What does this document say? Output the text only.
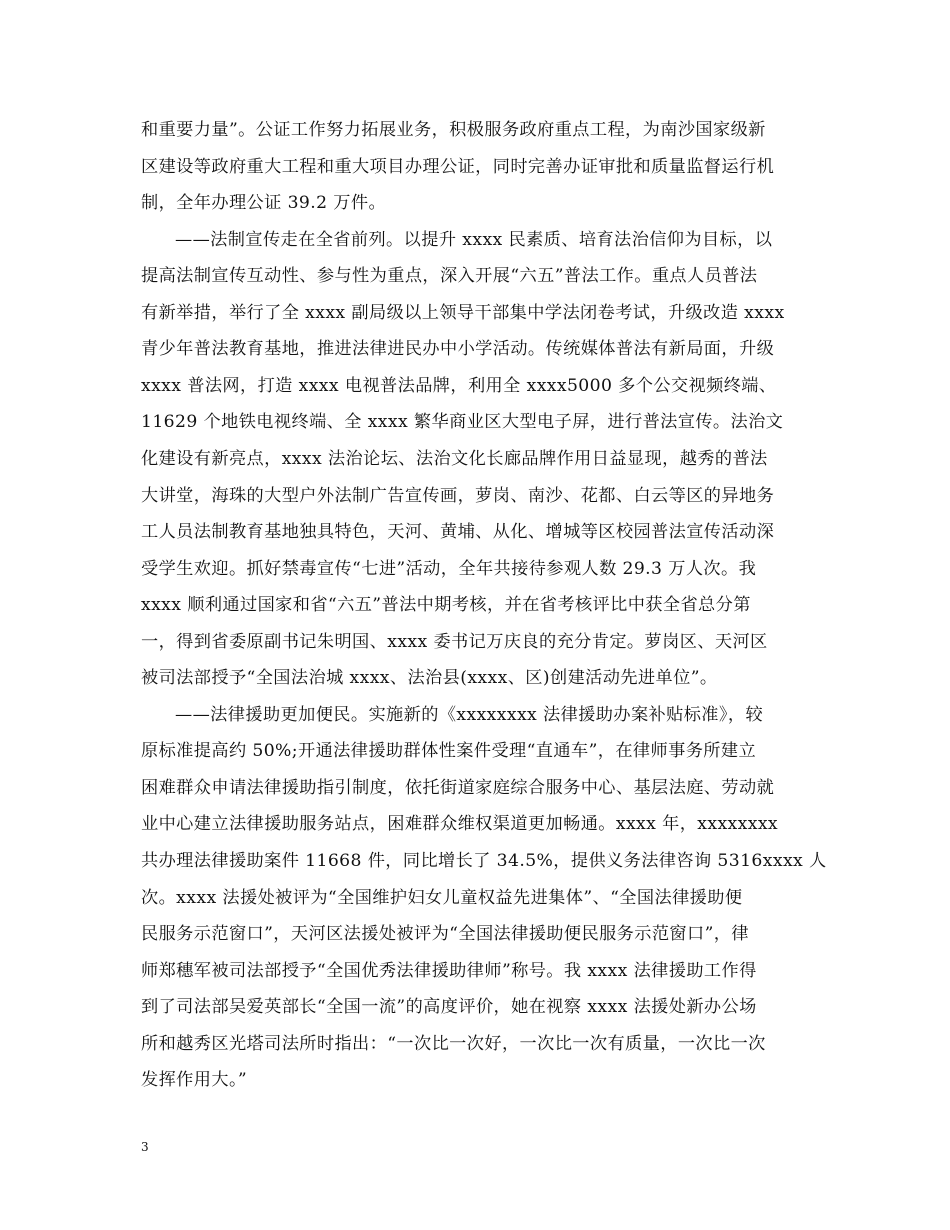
和重要力量”。公证工作努力拓展业务，积极服务政府重点工程，为南沙国家级新
区建设等政府重大工程和重大项目办理公证，同时完善办证审批和质量监督运行机
制，全年办理公证 39.2 万件。
——法制宣传走在全省前列。以提升 xxxx 民素质、培育法治信仰为目标，以
提高法制宣传互动性、参与性为重点，深入开展“六五”普法工作。重点人员普法
有新举措，举行了全 xxxx 副局级以上领导干部集中学法闭卷考试，升级改造 xxxx
青少年普法教育基地，推进法律进民办中小学活动。传统媒体普法有新局面，升级
xxxx 普法网，打造 xxxx 电视普法品牌，利用全 xxxx5000 多个公交视频终端、
11629 个地铁电视终端、全 xxxx 繁华商业区大型电子屏，进行普法宣传。法治文
化建设有新亮点，xxxx 法治论坛、法治文化长廊品牌作用日益显现，越秀的普法
大讲堂，海珠的大型户外法制广告宣传画，萝岗、南沙、花都、白云等区的异地务
工人员法制教育基地独具特色，天河、黄埔、从化、增城等区校园普法宣传活动深
受学生欢迎。抓好禁毒宣传“七进”活动，全年共接待参观人数 29.3 万人次。我
xxxx 顺利通过国家和省“六五”普法中期考核，并在省考核评比中获全省总分第
一，得到省委原副书记朱明国、xxxx 委书记万庆良的充分肯定。萝岗区、天河区
被司法部授予“全国法治城 xxxx、法治县(xxxx、区)创建活动先进单位”。
——法律援助更加便民。实施新的《xxxxxxxx 法律援助办案补贴标准》，较
原标准提高约 50%;开通法律援助群体性案件受理“直通车”，在律师事务所建立
困难群众申请法律援助指引制度，依托街道家庭综合服务中心、基层法庭、劳动就
业中心建立法律援助服务站点，困难群众维权渠道更加畅通。xxxx 年，xxxxxxxx
共办理法律援助案件 11668 件，同比增长了 34.5%，提供义务法律咨询 5316xxxx 人
次。xxxx 法援处被评为“全国维护妇女儿童权益先进集体”、“全国法律援助便
民服务示范窗口”，天河区法援处被评为“全国法律援助便民服务示范窗口”，律
师郑穗军被司法部授予“全国优秀法律援助律师”称号。我 xxxx 法律援助工作得
到了司法部吴爱英部长“全国一流”的高度评价，她在视察 xxxx 法援处新办公场
所和越秀区光塔司法所时指出：“一次比一次好，一次比一次有质量，一次比一次
发挥作用大。”
3
